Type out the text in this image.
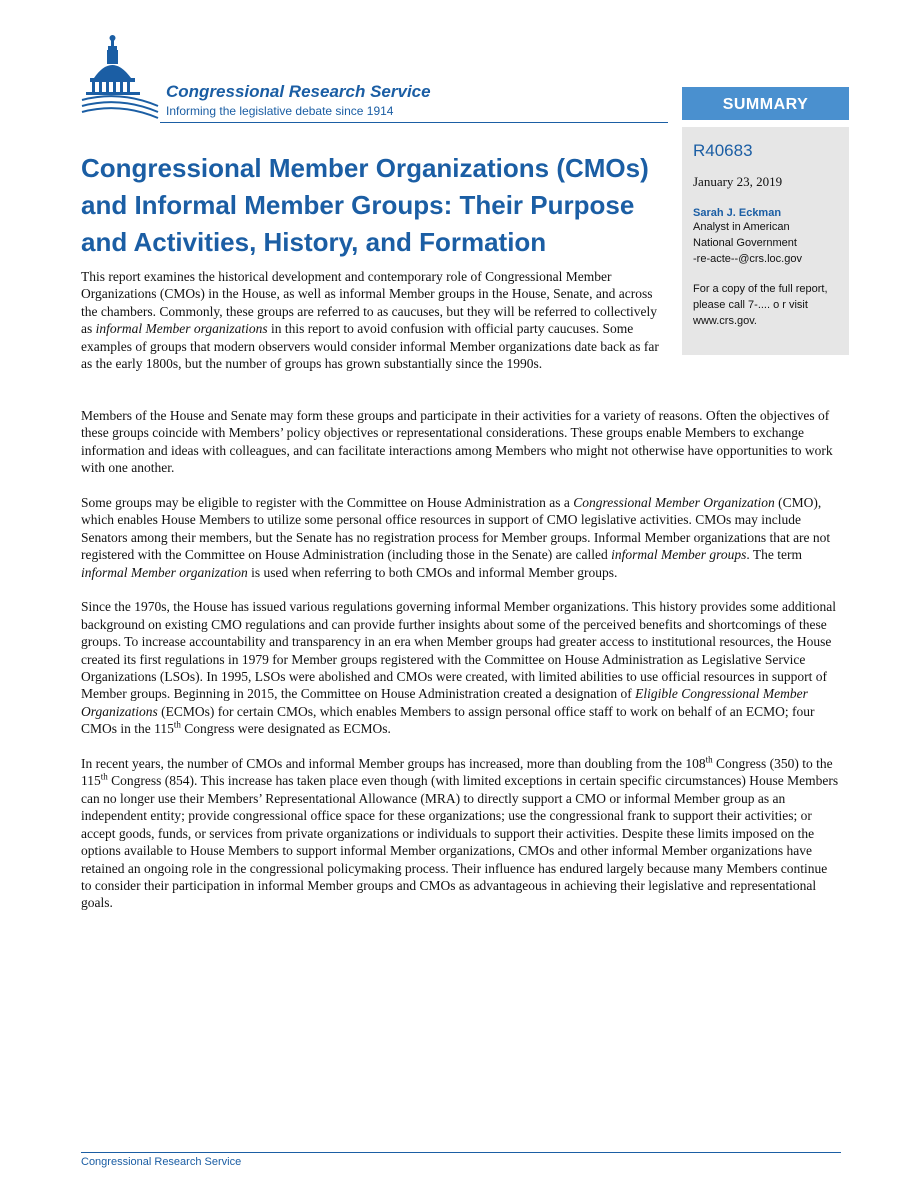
Congressional Research Service
Informing the legislative debate since 1914	SUMMARY
R40683
January 23, 2019
Sarah J. Eckman
Analyst in American
National Government
-re-acte--@crs.loc.gov
For a copy of the full report,
please call 7-.... o r visit
www.crs.gov.
Congressional Member Organizations (CMOs)
and Informal Member Groups: Their Purpose
and Activities, History, and Formation

This report examines the historical development and contemporary role of Congressional Member Organizations (CMOs) in the House, as well as informal Member groups in the House, Senate, and across the chambers. Commonly, these groups are referred to as caucuses, but they will be referred to collectively as informal Member organizations in this report to avoid confusion with official party caucuses. Some examples of groups that modern observers would consider informal Member organizations date back as far as the early 1800s, but the number of groups has grown substantially since the 1990s.

Members of the House and Senate may form these groups and participate in their activities for a variety of reasons. Often the objectives of these groups coincide with Members’ policy objectives or representational considerations. These groups enable Members to exchange information and ideas with colleagues, and can facilitate interactions among Members who might not otherwise have opportunities to work with one another.

Some groups may be eligible to register with the Committee on House Administration as a Congressional Member Organization (CMO), which enables House Members to utilize some personal office resources in support of CMO legislative activities. CMOs may include Senators among their members, but the Senate has no registration process for Member groups. Informal Member organizations that are not registered with the Committee on House Administration (including those in the Senate) are called informal Member groups. The term informal Member organization is used when referring to both CMOs and informal Member groups.

Since the 1970s, the House has issued various regulations governing informal Member organizations. This history provides some additional background on existing CMO regulations and can provide further insights about some of the perceived benefits and shortcomings of these groups. To increase accountability and transparency in an era when Member groups had greater access to institutional resources, the House created its first regulations in 1979 for Member groups registered with the Committee on House Administration as Legislative Service Organizations (LSOs). In 1995, LSOs were abolished and CMOs were created, with limited abilities to use official resources in support of Member groups. Beginning in 2015, the Committee on House Administration created a designation of Eligible Congressional Member Organizations (ECMOs) for certain CMOs, which enables Members to assign personal office staff to work on behalf of an ECMO; four CMOs in the 115th Congress were designated as ECMOs.

In recent years, the number of CMOs and informal Member groups has increased, more than doubling from the 108th Congress (350) to the 115th Congress (854). This increase has taken place even though (with limited exceptions in certain specific circumstances) House Members can no longer use their Members’ Representational Allowance (MRA) to directly support a CMO or informal Member group as an independent entity; provide congressional office space for these organizations; use the congressional frank to support their activities; or accept goods, funds, or services from private organizations or individuals to support their activities. Despite these limits imposed on the options available to House Members to support informal Member organizations, CMOs and other informal Member organizations have retained an ongoing role in the congressional policymaking process. Their influence has endured largely because many Members continue to consider their participation in informal Member groups and CMOs as advantageous in achieving their legislative and representational goals.

Congressional Research Service
